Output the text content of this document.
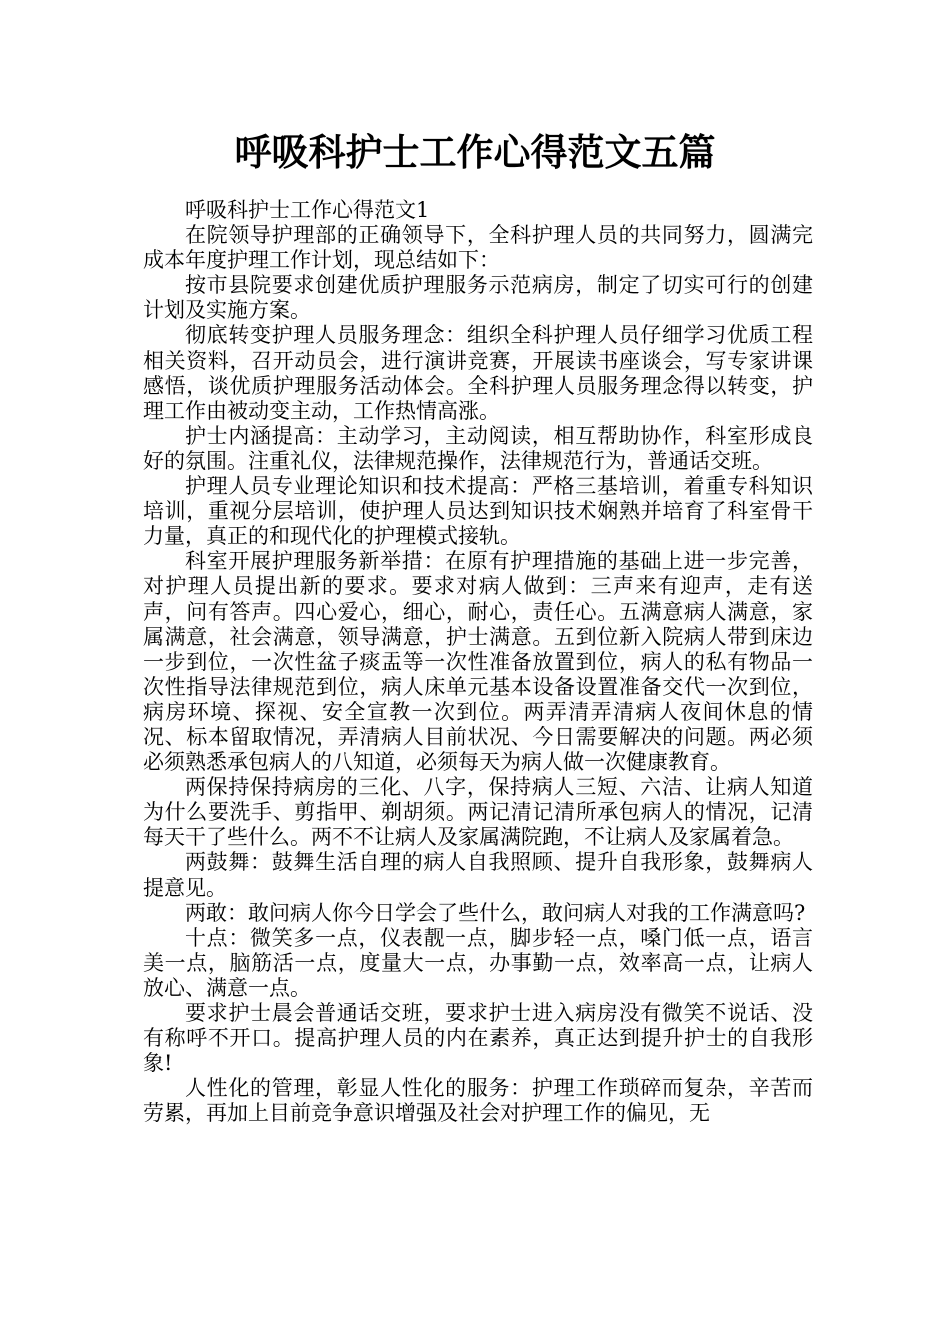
呼吸科护士工作心得范文五篇

呼吸科护士工作心得范文1

在院领导护理部的正确领导下，全科护理人员的共同努力，圆满完成本年度护理工作计划，现总结如下：

按市县院要求创建优质护理服务示范病房，制定了切实可行的创建计划及实施方案。

彻底转变护理人员服务理念：组织全科护理人员仔细学习优质工程相关资料，召开动员会，进行演讲竞赛，开展读书座谈会，写专家讲课感悟，谈优质护理服务活动体会。全科护理人员服务理念得以转变，护理工作由被动变主动，工作热情高涨。

护士内涵提高：主动学习，主动阅读，相互帮助协作，科室形成良好的氛围。注重礼仪，法律规范操作，法律规范行为，普通话交班。

护理人员专业理论知识和技术提高：严格三基培训，着重专科知识培训，重视分层培训，使护理人员达到知识技术娴熟并培育了科室骨干力量，真正的和现代化的护理模式接轨。

科室开展护理服务新举措：在原有护理措施的基础上进一步完善，对护理人员提出新的要求。要求对病人做到：三声来有迎声，走有送声，问有答声。四心爱心，细心，耐心，责任心。五满意病人满意，家属满意，社会满意，领导满意，护士满意。五到位新入院病人带到床边一步到位，一次性盆子痰盂等一次性准备放置到位，病人的私有物品一次性指导法律规范到位，病人床单元基本设备设置准备交代一次到位，病房环境、探视、安全宣教一次到位。两弄清弄清病人夜间休息的情况、标本留取情况，弄清病人目前状况、今日需要解决的问题。两必须必须熟悉承包病人的八知道，必须每天为病人做一次健康教育。

两保持保持病房的三化、八字，保持病人三短、六洁、让病人知道为什么要洗手、剪指甲、剃胡须。两记清记清所承包病人的情况，记清每天干了些什么。两不不让病人及家属满院跑，不让病人及家属着急。

两鼓舞：鼓舞生活自理的病人自我照顾、提升自我形象，鼓舞病人提意见。

两敢：敢问病人你今日学会了些什么，敢问病人对我的工作满意吗?

十点：微笑多一点，仪表靓一点，脚步轻一点，嗓门低一点，语言美一点，脑筋活一点，度量大一点，办事勤一点，效率高一点，让病人放心、满意一点。

要求护士晨会普通话交班，要求护士进入病房没有微笑不说话、没有称呼不开口。提高护理人员的内在素养，真正达到提升护士的自我形象!

人性化的管理，彰显人性化的服务：护理工作琐碎而复杂，辛苦而劳累，再加上目前竞争意识增强及社会对护理工作的偏见，无
